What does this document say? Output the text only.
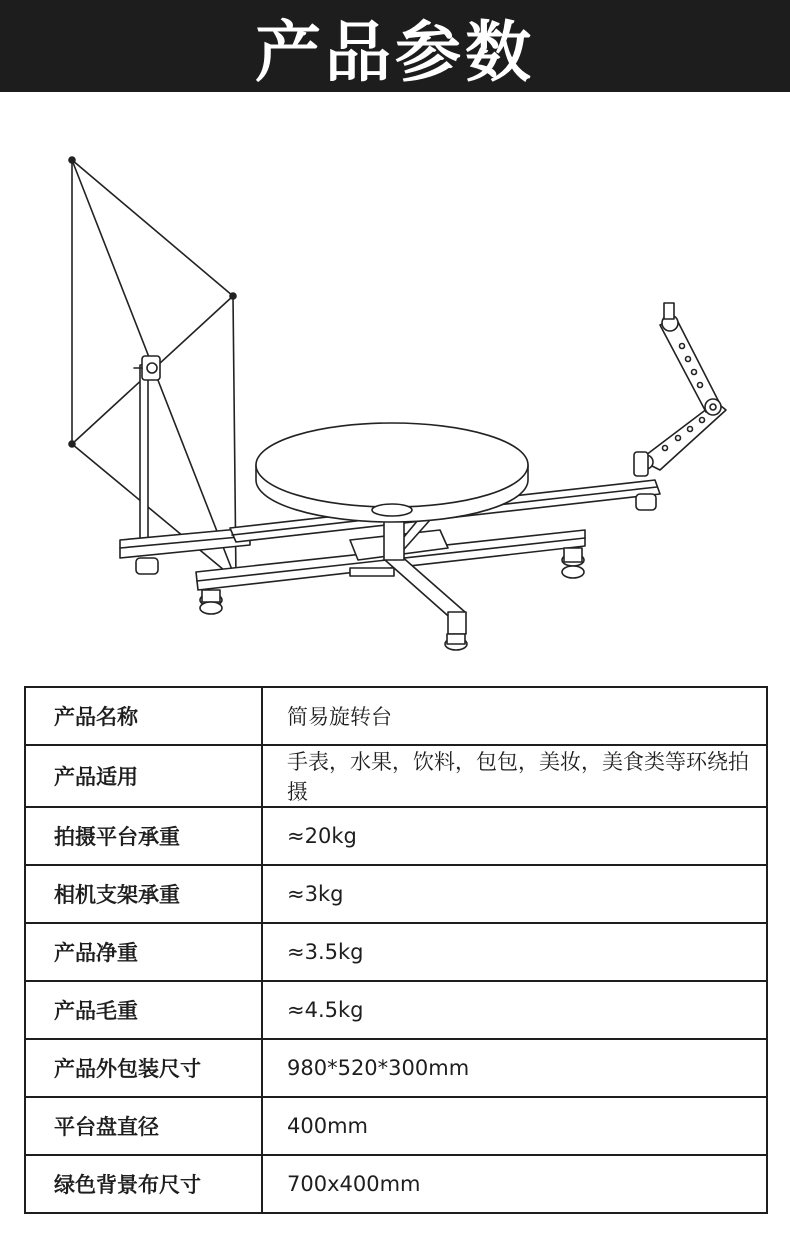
产品参数
产品名称	简易旋转台
产品适用	手表，水果，饮料，包包，美妆，美食类等环绕拍摄
拍摄平台承重	≈20kg
相机支架承重	≈3kg
产品净重	≈3.5kg
产品毛重	≈4.5kg
产品外包装尺寸	980*520*300mm
平台盘直径	400mm
绿色背景布尺寸	700x400mm
